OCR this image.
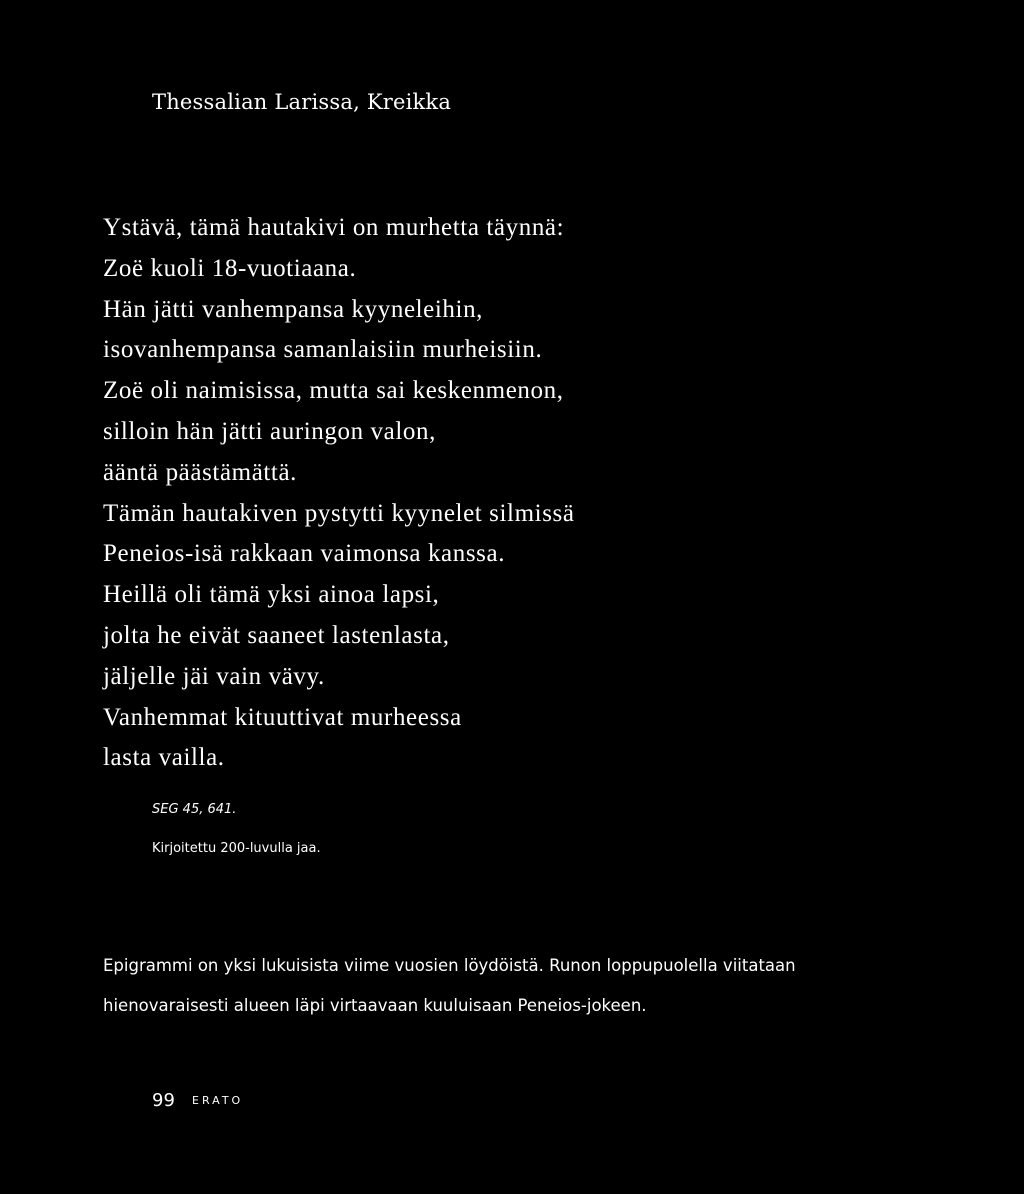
Thessalian Larissa, Kreikka
Ystävä, tämä hautakivi on murhetta täynnä:
Zoë kuoli 18-vuotiaana.
Hän jätti vanhempansa kyyneleihin,
isovanhempansa samanlaisiin murheisiin.
Zoë oli naimisissa, mutta sai keskenmenon,
silloin hän jätti auringon valon,
ääntä päästämättä.
Tämän hautakiven pystytti kyynelet silmissä
Peneios-isä rakkaan vaimonsa kanssa.
Heillä oli tämä yksi ainoa lapsi,
jolta he eivät saaneet lastenlasta,
jäljelle jäi vain vävy.
Vanhemmat kituuttivat murheessa
lasta vailla.
SEG 45, 641.
Kirjoitettu 200-luvulla jaa.
Epigrammi on yksi lukuisista viime vuosien löydöistä. Runon loppupuolella viitataan
hienovaraisesti alueen läpi virtaavaan kuuluisaan Peneios-jokeen.
99 ERATO
